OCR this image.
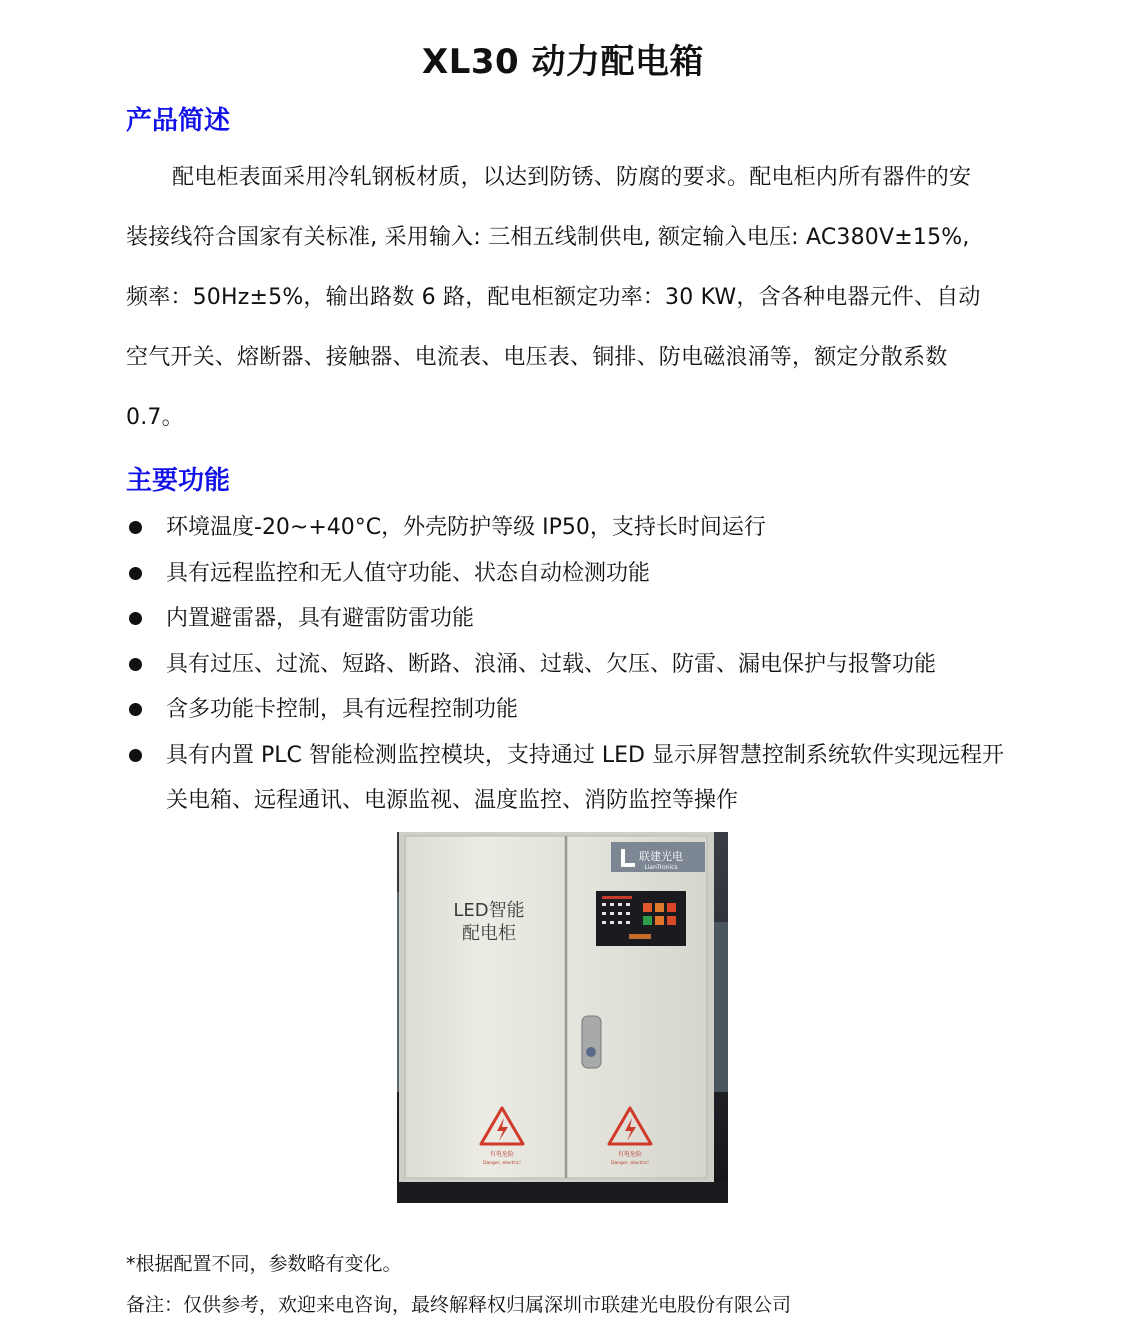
XL30 动力配电箱
产品简述
配电柜表面采用冷轧钢板材质，以达到防锈、防腐的要求。配电柜内所有器件的安
装接线符合国家有关标准, 采用输入: 三相五线制供电, 额定输入电压: AC380V±15%,
频率：50Hz±5%，输出路数 6 路，配电柜额定功率：30 KW，含各种电器元件、自动
空气开关、熔断器、接触器、电流表、电压表、铜排、防电磁浪涌等，额定分散系数
0.7。
主要功能
环境温度-20~+40°C，外壳防护等级 IP50，支持长时间运行
具有远程监控和无人值守功能、状态自动检测功能
内置避雷器，具有避雷防雷功能
具有过压、过流、短路、断路、浪涌、过载、欠压、防雷、漏电保护与报警功能
含多功能卡控制，具有远程控制功能
具有内置 PLC 智能检测监控模块，支持通过 LED 显示屏智慧控制系统软件实现远程开关电箱、远程通讯、电源监视、温度监控、消防监控等操作
LED智能
配电柜
联建光电
LianTronics
有电危险
Danger, electric!
有电危险
Danger, electric!
*根据配置不同，参数略有变化。
备注：仅供参考，欢迎来电咨询，最终解释权归属深圳市联建光电股份有限公司
